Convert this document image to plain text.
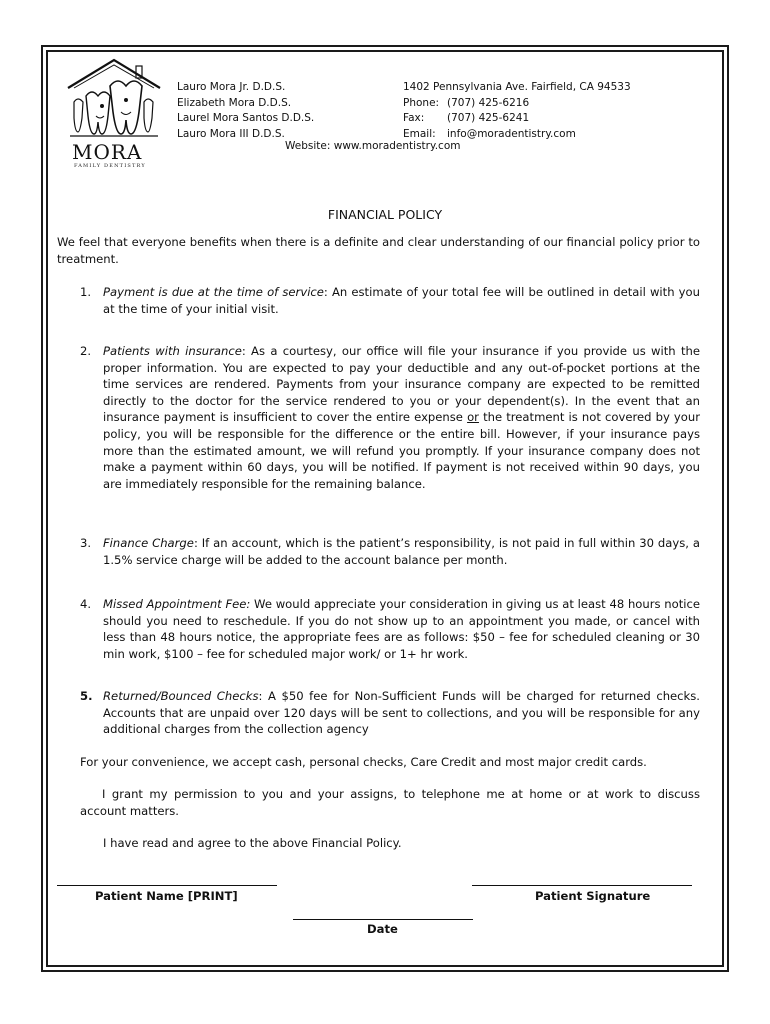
MORA
FAMILY DENTISTRY
Lauro Mora Jr. D.D.S.
Elizabeth Mora D.D.S.
Laurel Mora Santos D.D.S.
Lauro Mora III D.D.S.
1402 Pennsylvania Ave. Fairfield, CA 94533
Phone: (707) 425-6216
Fax: (707) 425-6241
Email: info@moradentistry.com
Website: www.moradentistry.com
FINANCIAL POLICY
We feel that everyone benefits when there is a definite and clear understanding of our financial policy prior to treatment.
1. Payment is due at the time of service: An estimate of your total fee will be outlined in detail with you at the time of your initial visit.
2. Patients with insurance: As a courtesy, our office will file your insurance if you provide us with the proper information. You are expected to pay your deductible and any out-of-pocket portions at the time services are rendered. Payments from your insurance company are expected to be remitted directly to the doctor for the service rendered to you or your dependent(s). In the event that an insurance payment is insufficient to cover the entire expense or the treatment is not covered by your policy, you will be responsible for the difference or the entire bill. However, if your insurance pays more than the estimated amount, we will refund you promptly. If your insurance company does not make a payment within 60 days, you will be notified. If payment is not received within 90 days, you are immediately responsible for the remaining balance.
3. Finance Charge: If an account, which is the patient’s responsibility, is not paid in full within 30 days, a 1.5% service charge will be added to the account balance per month.
4. Missed Appointment Fee: We would appreciate your consideration in giving us at least 48 hours notice should you need to reschedule. If you do not show up to an appointment you made, or cancel with less than 48 hours notice, the appropriate fees are as follows: $50 – fee for scheduled cleaning or 30 min work, $100 – fee for scheduled major work/ or 1+ hr work.
5. Returned/Bounced Checks: A $50 fee for Non-Sufficient Funds will be charged for returned checks. Accounts that are unpaid over 120 days will be sent to collections, and you will be responsible for any additional charges from the collection agency
For your convenience, we accept cash, personal checks, Care Credit and most major credit cards.
I grant my permission to you and your assigns, to telephone me at home or at work to discuss account matters.
I have read and agree to the above Financial Policy.
Patient Name [PRINT]	Patient Signature
Date
